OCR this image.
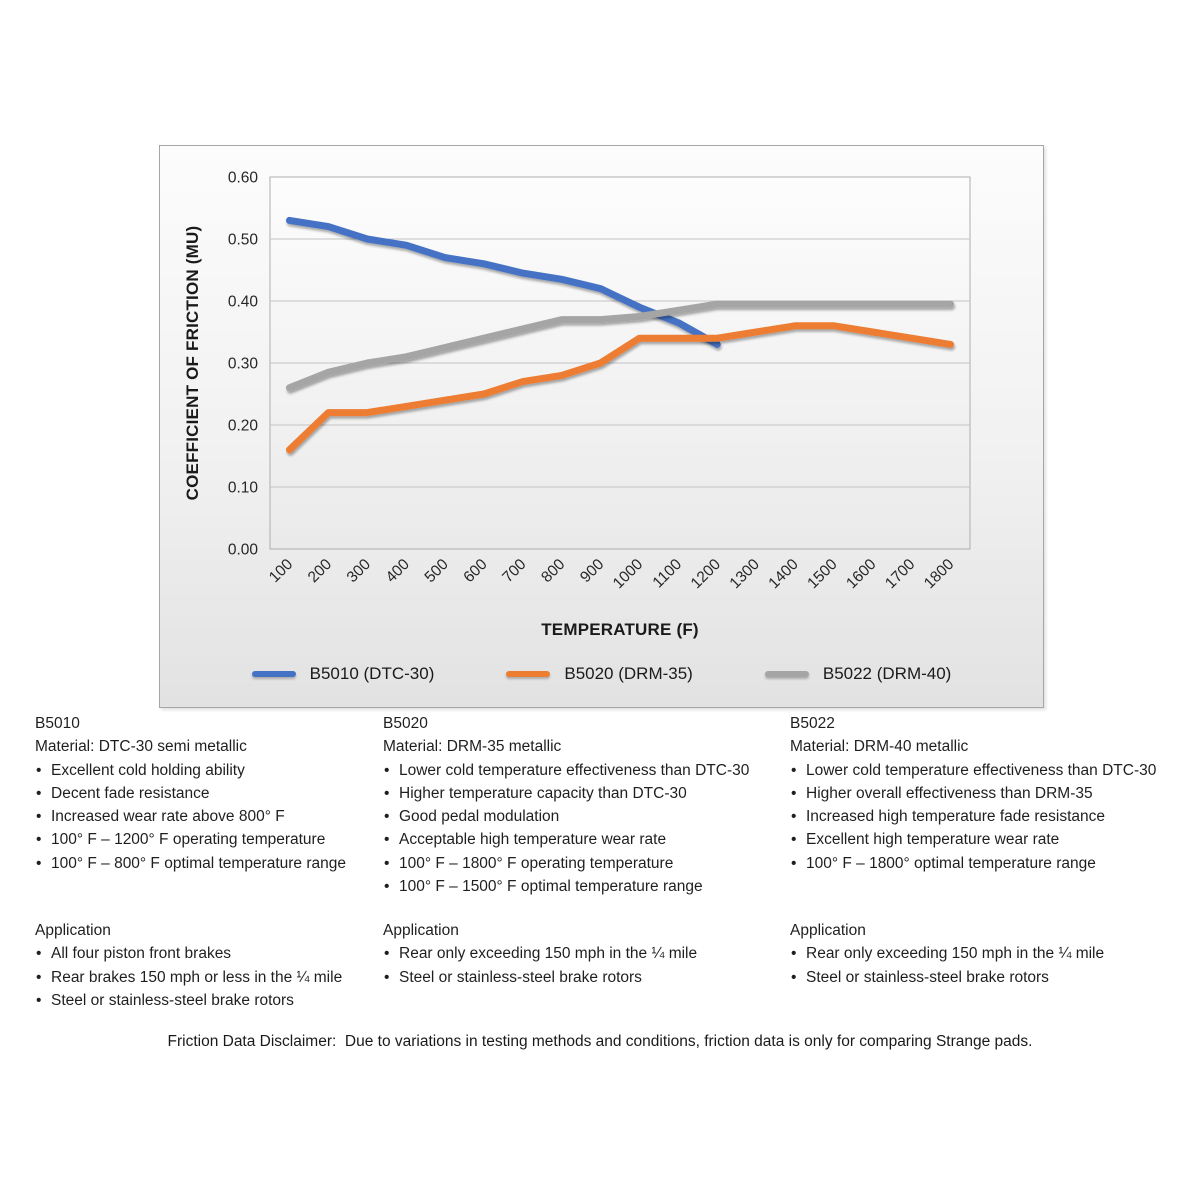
0.00
0.10
0.20
0.30
0.40
0.50
0.60
100 200 300 400 500 600 700 800 900 1000 1100 1200 1300 1400 1500 1600 1700 1800
TEMPERATURE (F)
COEFFICIENT OF FRICTION (MU)
B5010 (DTC-30)	B5020 (DRM-35)	B5022 (DRM-40)
B5010
Material: DTC-30 semi metallic
• Excellent cold holding ability
• Decent fade resistance
• Increased wear rate above 800° F
• 100° F – 1200° F operating temperature
• 100° F – 800° F optimal temperature range
Application
• All four piston front brakes
• Rear brakes 150 mph or less in the ¼ mile
• Steel or stainless-steel brake rotors
B5020
Material: DRM-35 metallic
• Lower cold temperature effectiveness than DTC-30
• Higher temperature capacity than DTC-30
• Good pedal modulation
• Acceptable high temperature wear rate
• 100° F – 1800° F operating temperature
• 100° F – 1500° F optimal temperature range
Application
• Rear only exceeding 150 mph in the ¼ mile
• Steel or stainless-steel brake rotors
B5022
Material: DRM-40 metallic
• Lower cold temperature effectiveness than DTC-30
• Higher overall effectiveness than DRM-35
• Increased high temperature fade resistance
• Excellent high temperature wear rate
• 100° F – 1800° optimal temperature range
Application
• Rear only exceeding 150 mph in the ¼ mile
• Steel or stainless-steel brake rotors
Friction Data Disclaimer:  Due to variations in testing methods and conditions, friction data is only for comparing Strange pads.
